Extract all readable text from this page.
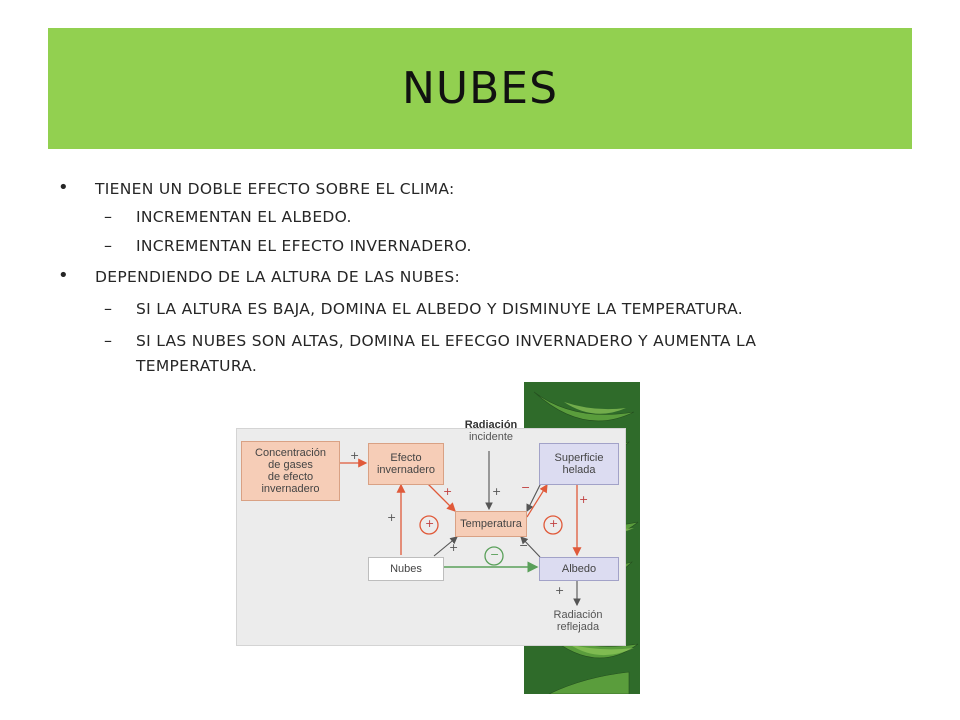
NUBES
• TIENEN UN DOBLE EFECTO SOBRE EL CLIMA:
– INCREMENTAN EL ALBEDO.
– INCREMENTAN EL EFECTO INVERNADERO.
• DEPENDIENDO DE LA ALTURA DE LAS NUBES:
– SI LA ALTURA ES BAJA, DOMINA EL ALBEDO Y DISMINUYE LA TEMPERATURA.
– SI LAS NUBES SON ALTAS, DOMINA EL EFECGO INVERNADERO Y AUMENTA LA
TEMPERATURA.
Concentración
de gases
de efecto
invernadero
Efecto
invernadero
Superficie
helada
Temperatura
Nubes	Albedo
Radiación
incidente
Radiación
reflejada
+
+	+ −
+
+	−
+
+
+	+
−
